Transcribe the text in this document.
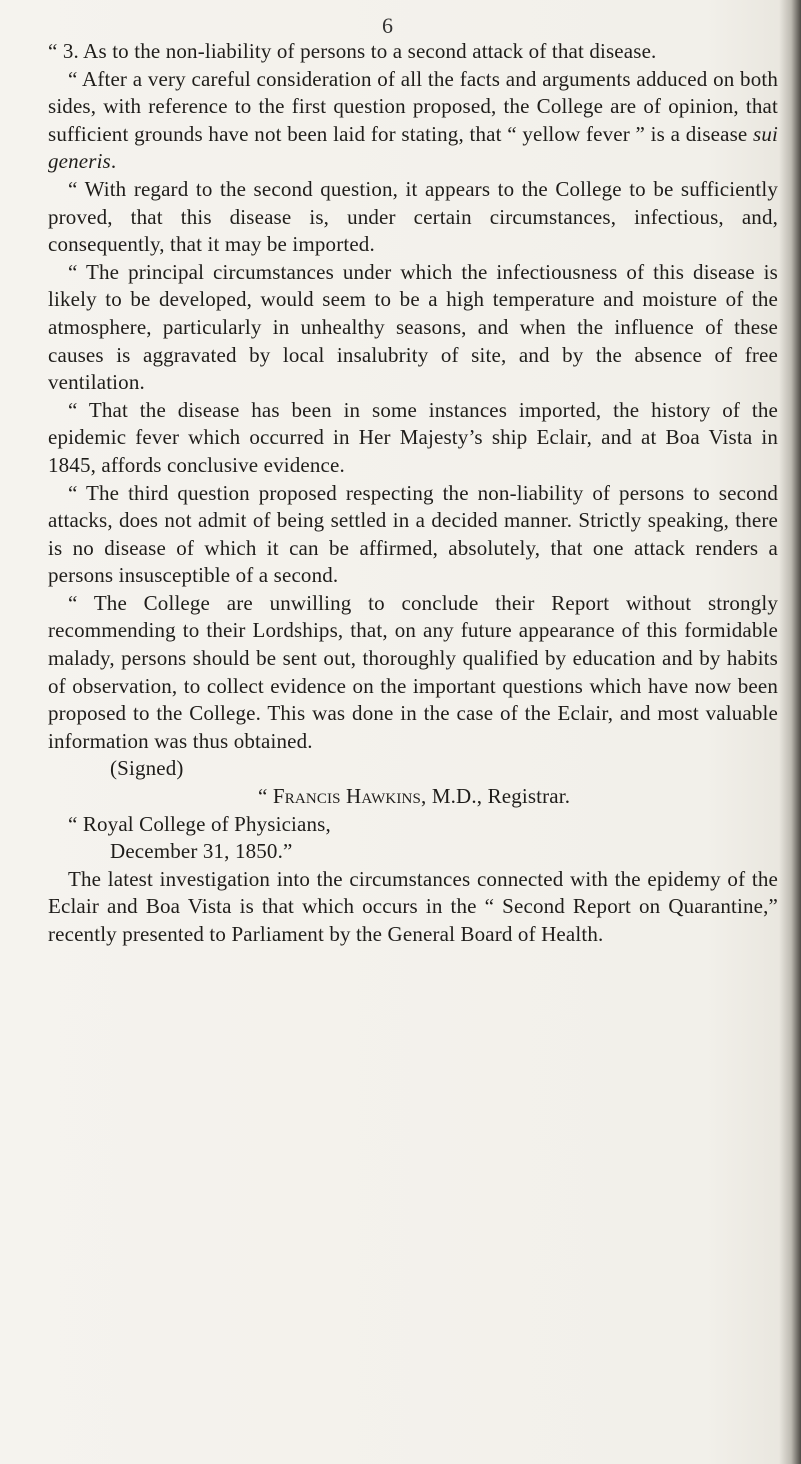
6

“ 3. As to the non-liability of persons to a second attack of that disease.

“ After a very careful consideration of all the facts and arguments adduced on both sides, with reference to the first question proposed, the College are of opinion, that sufficient grounds have not been laid for stating, that “ yellow fever ” is a disease sui generis.

“ With regard to the second question, it appears to the College to be sufficiently proved, that this disease is, under certain circumstances, infectious, and, consequently, that it may be imported.

“ The principal circumstances under which the infectiousness of this disease is likely to be developed, would seem to be a high temperature and moisture of the atmosphere, particularly in unhealthy seasons, and when the influence of these causes is aggravated by local insalubrity of site, and by the absence of free ventilation.

“ That the disease has been in some instances imported, the history of the epidemic fever which occurred in Her Majesty’s ship Eclair, and at Boa Vista in 1845, affords conclusive evidence.

“ The third question proposed respecting the non-liability of persons to second attacks, does not admit of being settled in a decided manner. Strictly speaking, there is no disease of which it can be affirmed, absolutely, that one attack renders a persons insusceptible of a second.

“ The College are unwilling to conclude their Report without strongly recommending to their Lordships, that, on any future appearance of this formidable malady, persons should be sent out, thoroughly qualified by education and by habits of observation, to collect evidence on the important questions which have now been proposed to the College. This was done in the case of the Eclair, and most valuable information was thus obtained.

(Signed)
“ Francis Hawkins, M.D., Registrar.
“ Royal College of Physicians,
December 31, 1850.”

The latest investigation into the circumstances connected with the epidemy of the Eclair and Boa Vista is that which occurs in the “ Second Report on Quarantine,” recently presented to Parliament by the General Board of Health.
